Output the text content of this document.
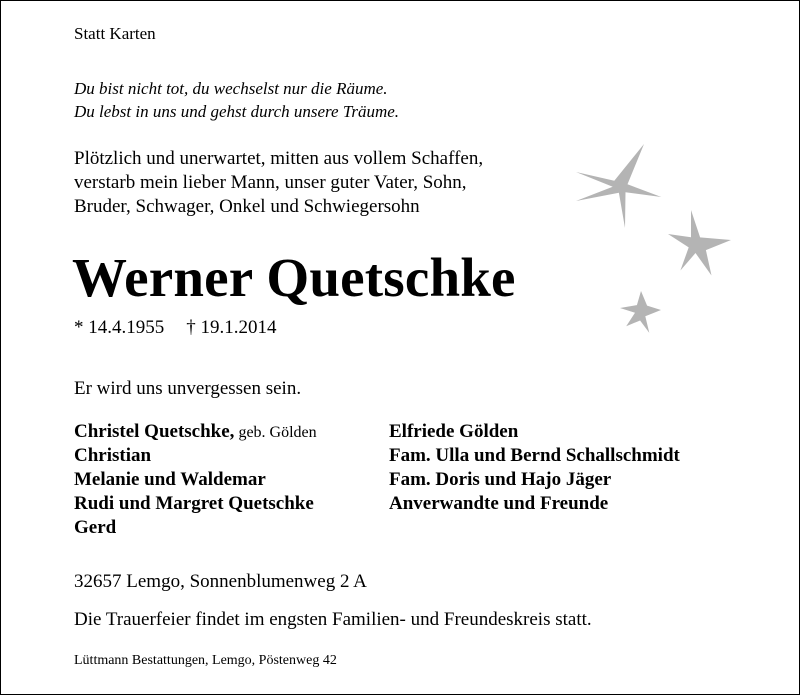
Statt Karten
Du bist nicht tot, du wechselst nur die Räume.
Du lebst in uns und gehst durch unsere Träume.
Plötzlich und unerwartet, mitten aus vollem Schaffen,
verstarb mein lieber Mann, unser guter Vater, Sohn,
Bruder, Schwager, Onkel und Schwiegersohn
Werner Quetschke
* 14.4.1955 † 19.1.2014
Er wird uns unvergessen sein.
Christel Quetschke, geb. Gölden
Christian
Melanie und Waldemar
Rudi und Margret Quetschke
Gerd
Elfriede Gölden
Fam. Ulla und Bernd Schallschmidt
Fam. Doris und Hajo Jäger
Anverwandte und Freunde
32657 Lemgo, Sonnenblumenweg 2 A
Die Trauerfeier findet im engsten Familien- und Freundeskreis statt.
Lüttmann Bestattungen, Lemgo, Pöstenweg 42
